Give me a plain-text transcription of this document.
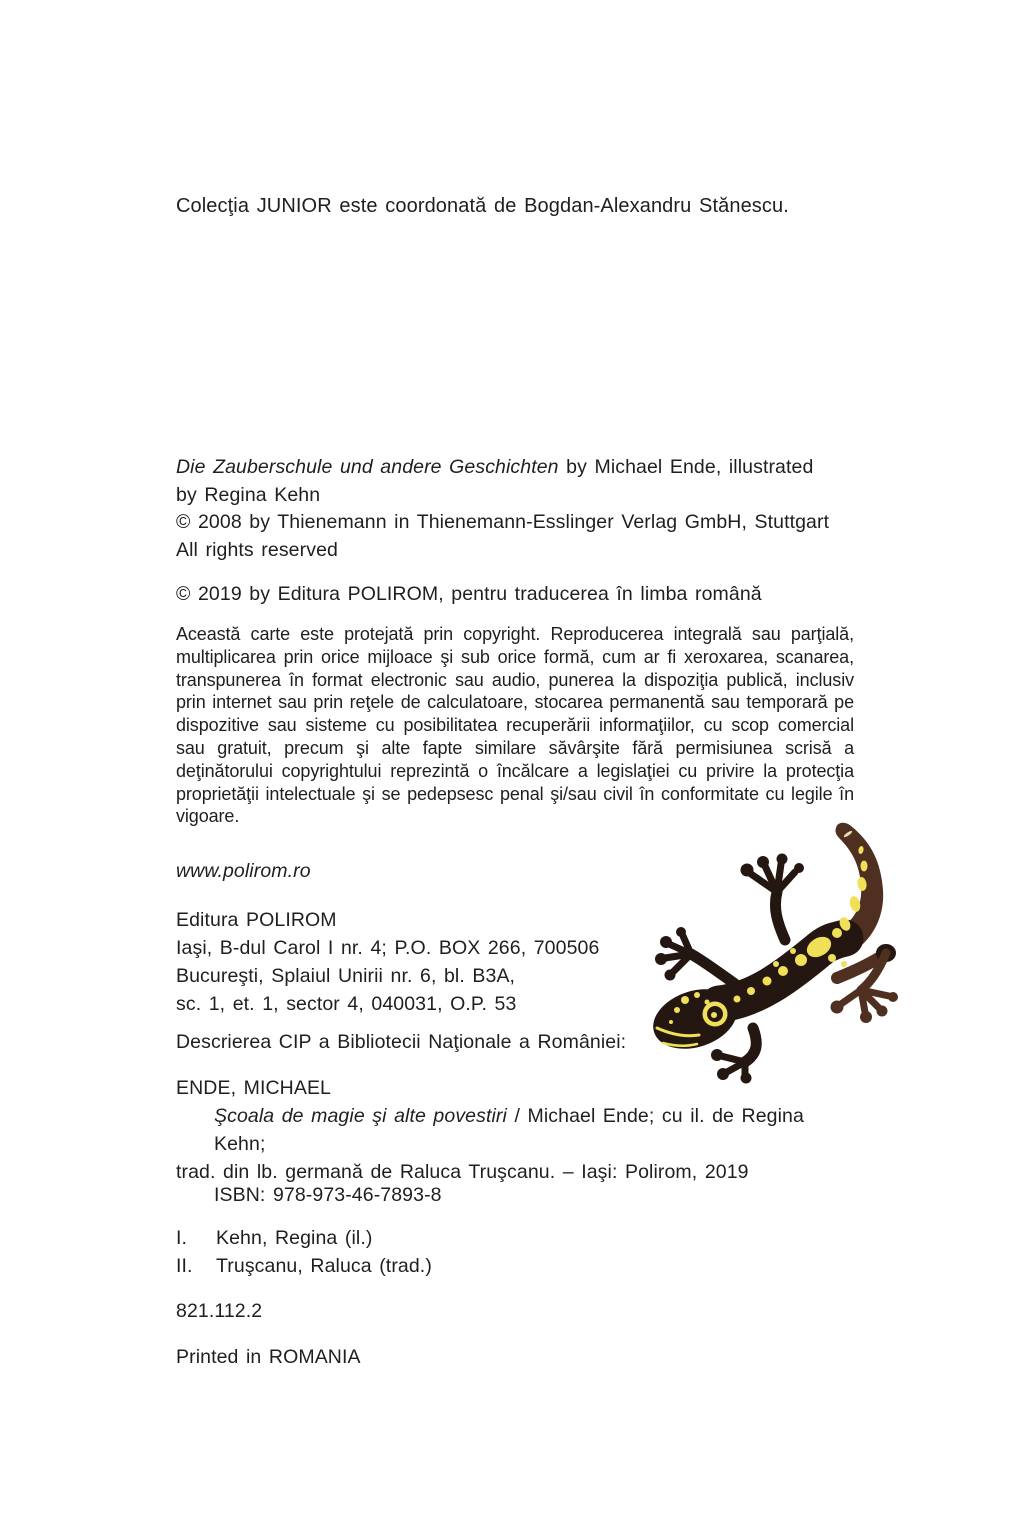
Colecţia JUNIOR este coordonată de Bogdan-Alexandru Stănescu.
Die Zauberschule und andere Geschichten by Michael Ende, illustrated
by Regina Kehn
© 2008 by Thienemann in Thienemann-Esslinger Verlag GmbH, Stuttgart
All rights reserved
© 2019 by Editura POLIROM, pentru traducerea în limba română
Această carte este protejată prin copyright. Reproducerea integrală sau parţială, multiplicarea prin orice mijloace şi sub orice formă, cum ar fi xeroxarea, scanarea, transpunerea în format electronic sau audio, punerea la dispoziţia publică, inclusiv prin internet sau prin reţele de calculatoare, stocarea permanentă sau temporară pe dispozitive sau sisteme cu posibilitatea recuperării informaţiilor, cu scop comercial sau gratuit, precum şi alte fapte similare săvârşite fără permisiunea scrisă a deţinătorului copyrightului reprezintă o încălcare a legislaţiei cu privire la protecţia proprietăţii intelectuale şi se pedepsesc penal şi/sau civil în conformitate cu legile în vigoare.
www.polirom.ro
Editura POLIROM
Iaşi, B-dul Carol I nr. 4; P.O. BOX 266, 700506
Bucureşti, Splaiul Unirii nr. 6, bl. B3A,
sc. 1, et. 1, sector 4, 040031, O.P. 53
Descrierea CIP a Bibliotecii Naţionale a României:
ENDE, MICHAEL
Şcoala de magie şi alte povestiri / Michael Ende; cu il. de Regina Kehn;
trad. din lb. germană de Raluca Truşcanu. – Iaşi: Polirom, 2019
ISBN: 978-973-46-7893-8
I.	Kehn, Regina (il.)
II.	Truşcanu, Raluca (trad.)
821.112.2
Printed in ROMANIA
